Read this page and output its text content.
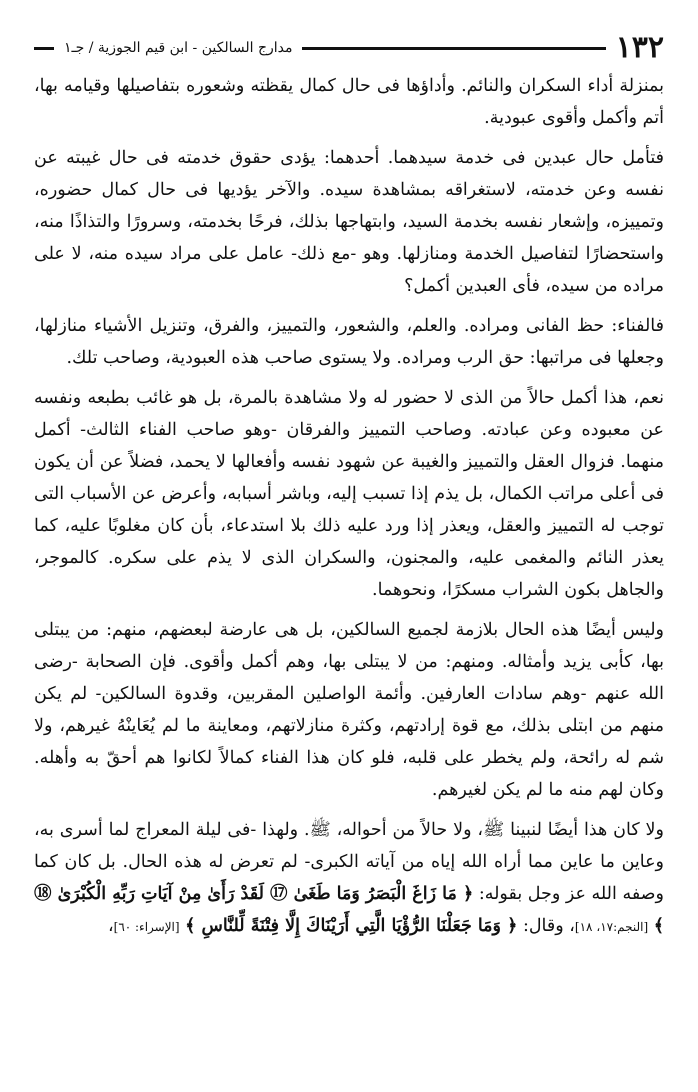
١٣٢
مدارج السالكين - ابن قيم الجوزية / جـ١

بمنزلة أداء السكران والنائم. وأداؤها فى حال كمال يقظته وشعوره بتفاصيلها وقيامه بها، أتم وأكمل وأقوى عبودية.

فتأمل حال عبدين فى خدمة سيدهما. أحدهما: يؤدى حقوق خدمته فى حال غيبته عن نفسه وعن خدمته، لاستغراقه بمشاهدة سيده. والآخر يؤديها فى حال كمال حضوره، وتمييزه، وإشعار نفسه بخدمة السيد، وابتهاجها بذلك، فرحًا بخدمته، وسرورًا والتذاذًا منه، واستحضارًا لتفاصيل الخدمة ومنازلها. وهو -مع ذلك- عامل على مراد سيده منه، لا على مراده من سيده، فأى العبدين أكمل؟

فالفناء: حظ الفانى ومراده. والعلم، والشعور، والتمييز، والفرق، وتنزيل الأشياء منازلها، وجعلها فى مراتبها: حق الرب ومراده. ولا يستوى صاحب هذه العبودية، وصاحب تلك.

نعم، هذا أكمل حالاً من الذى لا حضور له ولا مشاهدة بالمرة، بل هو غائب بطبعه ونفسه عن معبوده وعن عبادته. وصاحب التمييز والفرقان -وهو صاحب الفناء الثالث- أكمل منهما. فزوال العقل والتمييز والغيبة عن شهود نفسه وأفعالها لا يحمد، فضلاً عن أن يكون فى أعلى مراتب الكمال، بل يذم إذا تسبب إليه، وباشر أسبابه، وأعرض عن الأسباب التى توجب له التمييز والعقل، ويعذر إذا ورد عليه ذلك بلا استدعاء، بأن كان مغلوبًا عليه، كما يعذر النائم والمغمى عليه، والمجنون، والسكران الذى لا يذم على سكره. كالموجر، والجاهل بكون الشراب مسكرًا، ونحوهما.

وليس أيضًا هذه الحال بلازمة لجميع السالكين، بل هى عارضة لبعضهم، منهم: من يبتلى بها، كأبى يزيد وأمثاله. ومنهم: من لا يبتلى بها، وهم أكمل وأقوى. فإن الصحابة -رضى الله عنهم -وهم سادات العارفين. وأئمة الواصلين المقربين، وقدوة السالكين- لم يكن منهم من ابتلى بذلك، مع قوة إرادتهم، وكثرة منازلاتهم، ومعاينة ما لم يُعَاينْهُ غيرهم، ولا شم له رائحة، ولم يخطر على قلبه، فلو كان هذا الفناء كمالاً لكانوا هم أحقّ به وأهله. وكان لهم منه ما لم يكن لغيرهم.

ولا كان هذا أيضًا لنبينا ﷺ، ولا حالاً من أحواله، ﷺ. ولهذا -فى ليلة المعراج لما أسرى به، وعاين ما عاين مما أراه الله إياه من آياته الكبرى- لم تعرض له هذه الحال. بل كان كما وصفه الله عز وجل بقوله: ﴿ مَا زَاغَ الْبَصَرُ وَمَا طَغَىٰ ⑰ لَقَدْ رَأَىٰ مِنْ آيَاتِ رَبِّهِ الْكُبْرَىٰ ⑱ ﴾ [النجم:١٧، ١٨]، وقال: ﴿ وَمَا جَعَلْنَا الرُّؤْيَا الَّتِي أَرَيْنَاكَ إِلَّا فِتْنَةً لِّلنَّاسِ ﴾ [الإسراء: ٦٠]،
